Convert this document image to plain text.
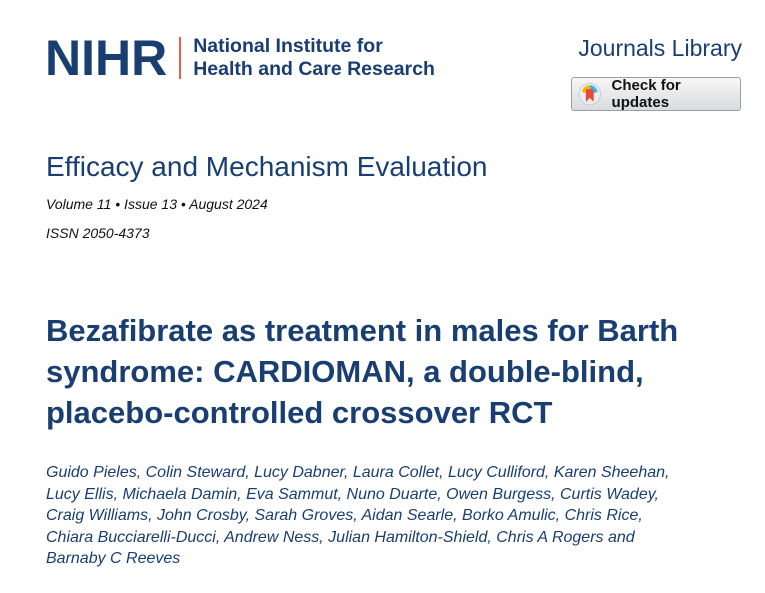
NIHR National Institute for
Health and Care Research
Journals Library
Check for updates
Efficacy and Mechanism Evaluation
Volume 11 • Issue 13 • August 2024
ISSN 2050-4373
Bezafibrate as treatment in males for Barth
syndrome: CARDIOMAN, a double-blind,
placebo-controlled crossover RCT

Guido Pieles, Colin Steward, Lucy Dabner, Laura Collet, Lucy Culliford, Karen Sheehan,
Lucy Ellis, Michaela Damin, Eva Sammut, Nuno Duarte, Owen Burgess, Curtis Wadey,
Craig Williams, John Crosby, Sarah Groves, Aidan Searle, Borko Amulic, Chris Rice,
Chiara Bucciarelli-Ducci, Andrew Ness, Julian Hamilton-Shield, Chris A Rogers and
Barnaby C Reeves
